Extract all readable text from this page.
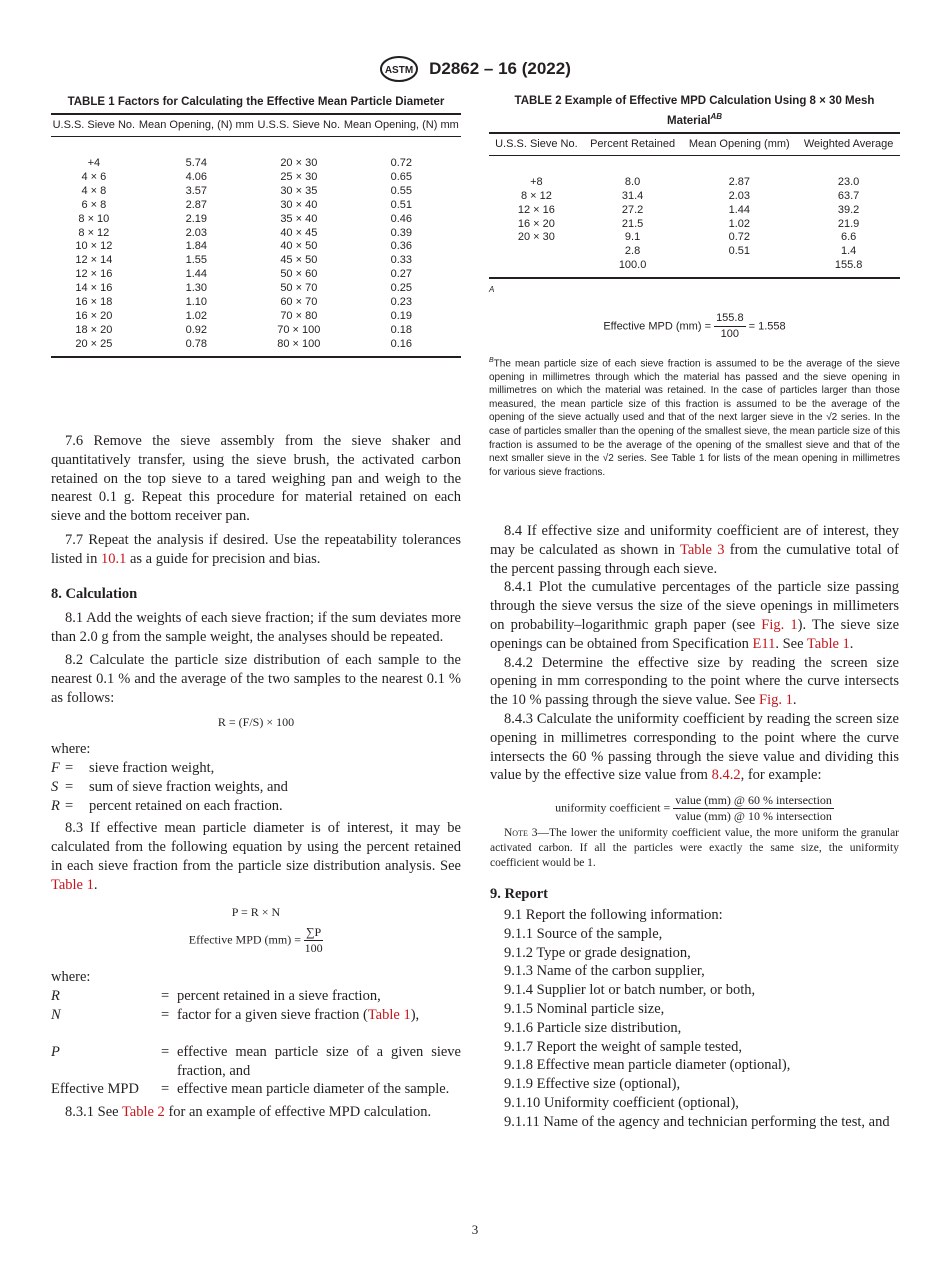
ASTM D2862 – 16 (2022)
TABLE 1 Factors for Calculating the Effective Mean Particle Diameter
U.S.S. Sieve No.	Mean Opening, (N) mm	U.S.S. Sieve No.	Mean Opening, (N) mm
+4	5.74	20 × 30	0.72
4 × 6	4.06	25 × 30	0.65
4 × 8	3.57	30 × 35	0.55
6 × 8	2.87	30 × 40	0.51
8 × 10	2.19	35 × 40	0.46
8 × 12	2.03	40 × 45	0.39
10 × 12	1.84	40 × 50	0.36
12 × 14	1.55	45 × 50	0.33
12 × 16	1.44	50 × 60	0.27
14 × 16	1.30	50 × 70	0.25
16 × 18	1.10	60 × 70	0.23
16 × 20	1.02	70 × 80	0.19
18 × 20	0.92	70 × 100	0.18
20 × 25	0.78	80 × 100	0.16
TABLE 2 Example of Effective MPD Calculation Using 8 × 30 Mesh Material$^{AB}$
U.S.S. Sieve No.	Percent Retained	Mean Opening (mm)	Weighted Average
+8	8.0	2.87	23.0
8 × 12	31.4	2.03	63.7
12 × 16	27.2	1.44	39.2
16 × 20	21.5	1.02	21.9
20 × 30	9.1	0.72	6.6
	2.8	0.51	1.4
	100.0		155.8
A
Effective MPD $(mm) = \frac{155.8}{100} = 1.558$
$^B$The mean particle size of each sieve fraction is assumed to be the average of the sieve opening in millimetres through which the material has passed and the sieve opening in millimetres on which the material was retained. In the case of particles larger than those measured, the mean particle size of this fraction is assumed to be the average of the opening of the sieve actually used and that of the next larger sieve in the √2 series. In the case of particles smaller than the opening of the smallest sieve, the mean particle size of this fraction is assumed to be the average of the opening of the smallest sieve and that of the next smaller sieve in the √2 series. See Table 1 for lists of the mean opening in millimetres for various sieve fractions.

7.6 Remove the sieve assembly from the sieve shaker and quantitatively transfer, using the sieve brush, the activated carbon retained on the top sieve to a tared weighing pan and weigh to the nearest 0.1 g. Repeat this procedure for material retained on each sieve and the bottom receiver pan.

7.7 Repeat the analysis if desired. Use the repeatability tolerances listed in 10.1 as a guide for precision and bias.

8. Calculation

8.1 Add the weights of each sieve fraction; if the sum deviates more than 2.0 g from the sample weight, the analyses should be repeated.

8.2 Calculate the particle size distribution of each sample to the nearest 0.1 % and the average of the two samples to the nearest 0.1 % as follows:

R = (F/S) × 100
where:
F =	sieve fraction weight,
S =	sum of sieve fraction weights, and
R =	percent retained on each fraction.

8.3 If effective mean particle diameter is of interest, it may be calculated from the following equation by using the percent retained in each sieve fraction from the particle size distribution analysis. See Table 1.

P = R × N
Effective MPD $(mm) = \frac{\sum P}{100}$
where:
R	= percent retained in a sieve fraction,
N	= factor for a given sieve fraction (Table 1),
P	= effective mean particle size of a given sieve fraction, and
Effective MPD	= effective mean particle diameter of the sample.

8.3.1 See Table 2 for an example of effective MPD calculation.

8.4 If effective size and uniformity coefficient are of interest, they may be calculated as shown in Table 3 from the cumulative total of the percent passing through each sieve.

8.4.1 Plot the cumulative percentages of the particle size passing through the sieve versus the size of the sieve openings in millimeters on probability–logarithmic graph paper (see Fig. 1). The sieve size openings can be obtained from Specification E11. See Table 1.

8.4.2 Determine the effective size by reading the screen size opening in mm corresponding to the point where the curve intersects the 10 % passing through the sieve value. See Fig. 1.

8.4.3 Calculate the uniformity coefficient by reading the screen size opening in millimetres corresponding to the point where the curve intersects the 60 % passing through the sieve value and dividing this value by the effective size value from 8.4.2, for example:

uniformity coefficient = $\frac{\text{value (mm) @ 60 \% intersection}}{\text{value (mm) @ 10 \% intersection}}$

Note 3—The lower the uniformity coefficient value, the more uniform the granular activated carbon. If all the particles were exactly the same size, the uniformity coefficient would be 1.

9. Report

9.1 Report the following information:

9.1.1 Source of the sample,

9.1.2 Type or grade designation,

9.1.3 Name of the carbon supplier,

9.1.4 Supplier lot or batch number, or both,

9.1.5 Nominal particle size,

9.1.6 Particle size distribution,

9.1.7 Report the weight of sample tested,

9.1.8 Effective mean particle diameter (optional),

9.1.9 Effective size (optional),

9.1.10 Uniformity coefficient (optional),

9.1.11 Name of the agency and technician performing the test, and

3
